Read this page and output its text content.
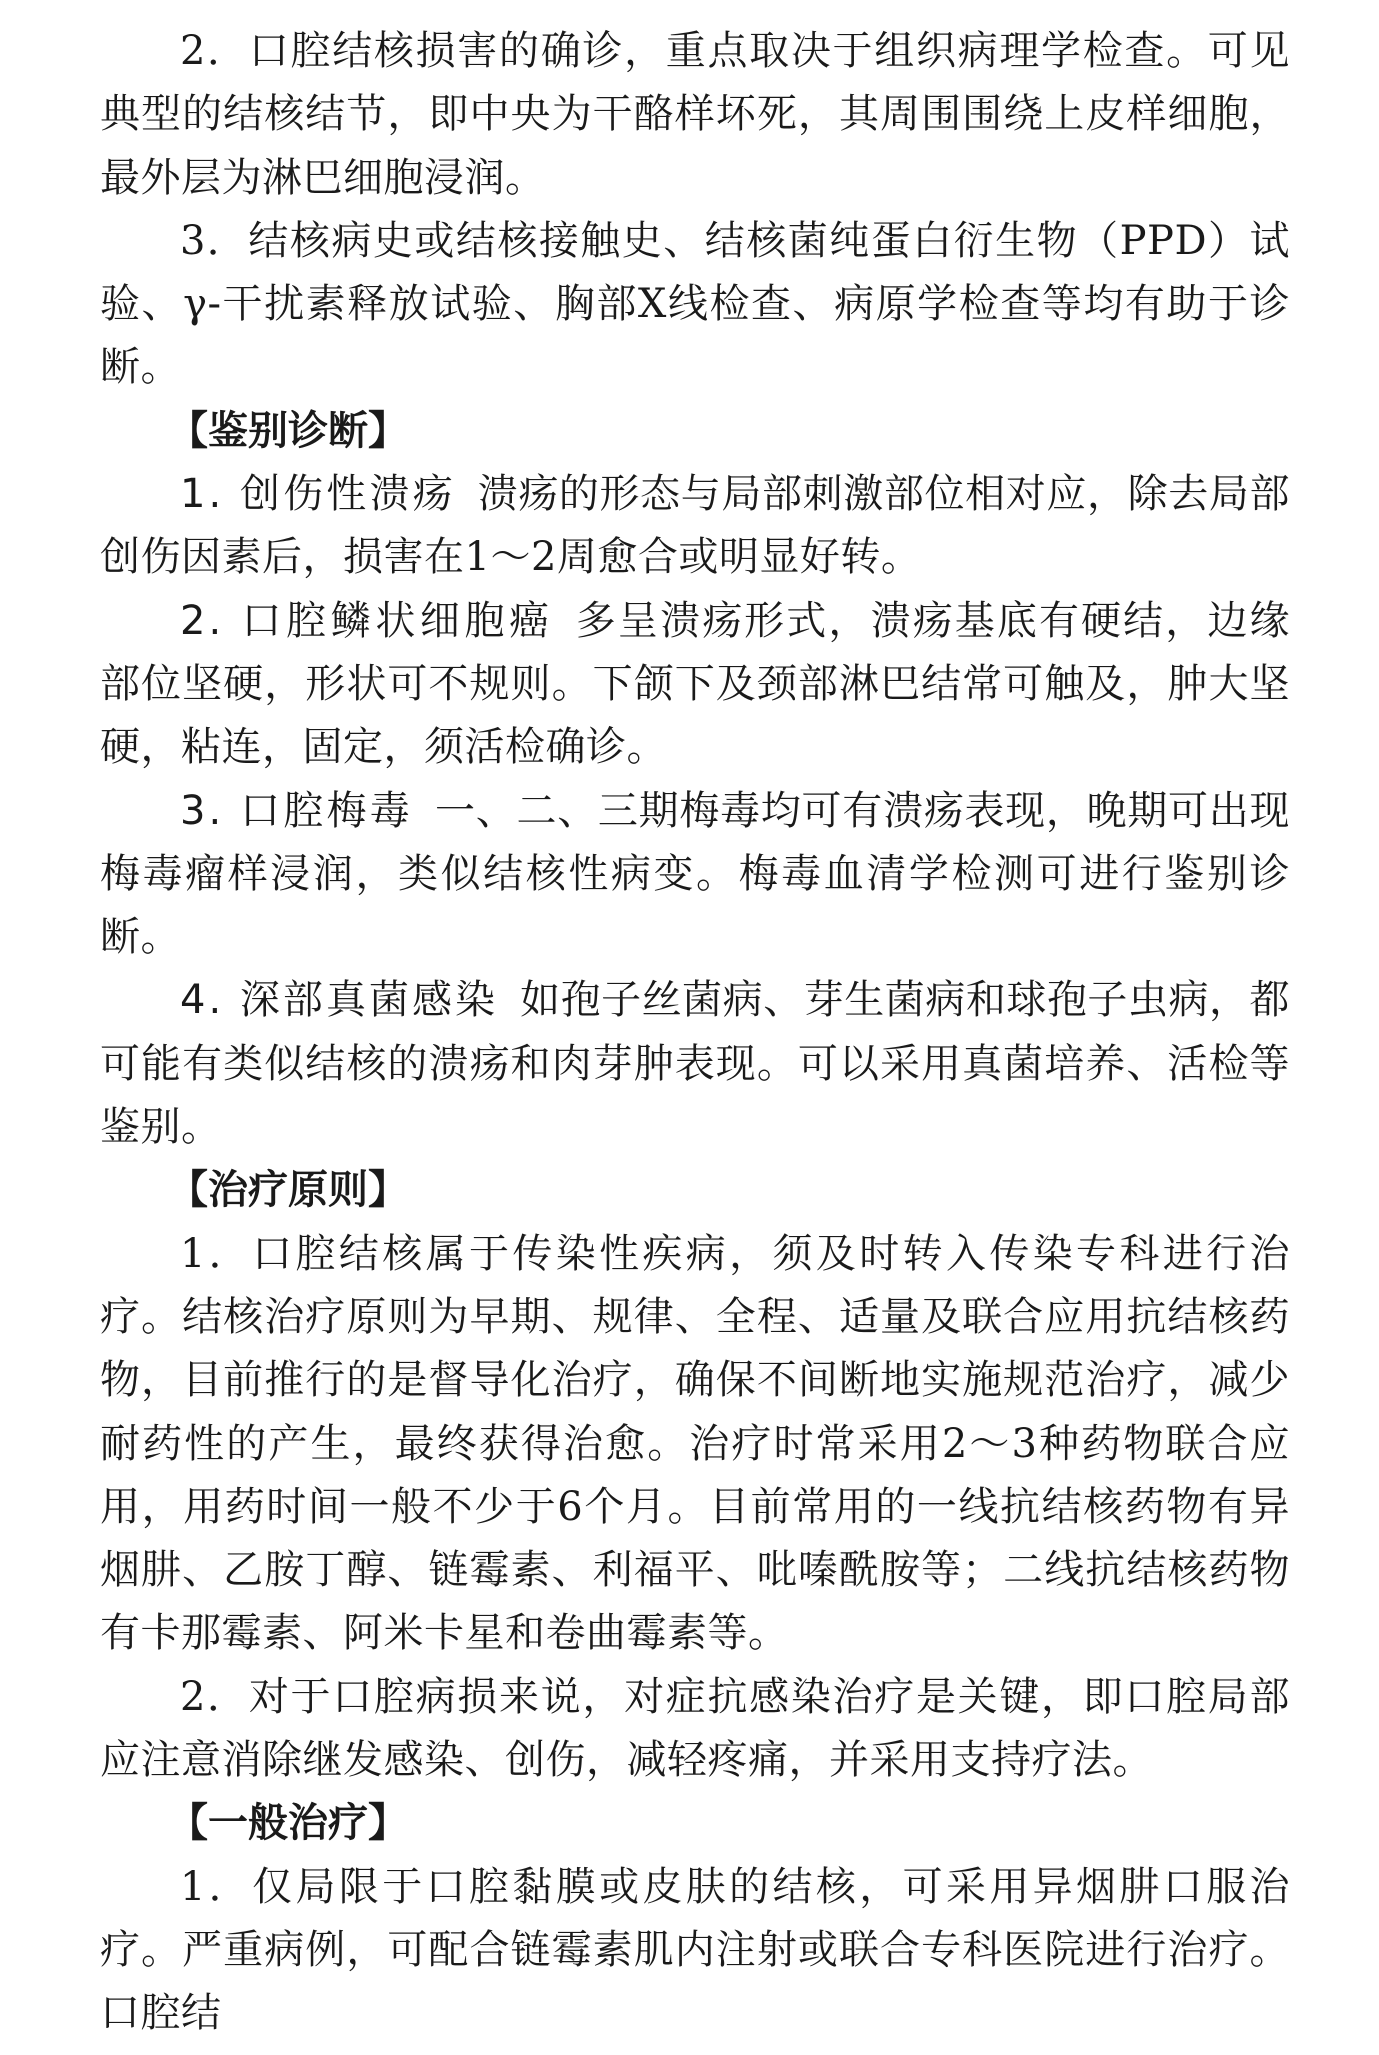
2．口腔结核损害的确诊，重点取决于组织病理学检查。可见典型的结核结节，即中央为干酪样坏死，其周围围绕上皮样细胞，最外层为淋巴细胞浸润。

3．结核病史或结核接触史、结核菌纯蛋白衍生物（PPD）试验、γ-干扰素释放试验、胸部X线检查、病原学检查等均有助于诊断。

【鉴别诊断】

1. 创伤性溃疡 溃疡的形态与局部刺激部位相对应，除去局部创伤因素后，损害在1～2周愈合或明显好转。

2. 口腔鳞状细胞癌 多呈溃疡形式，溃疡基底有硬结，边缘部位坚硬，形状可不规则。下颌下及颈部淋巴结常可触及，肿大坚硬，粘连，固定，须活检确诊。

3. 口腔梅毒 一、二、三期梅毒均可有溃疡表现，晚期可出现梅毒瘤样浸润，类似结核性病变。梅毒血清学检测可进行鉴别诊断。

4. 深部真菌感染 如孢子丝菌病、芽生菌病和球孢子虫病，都可能有类似结核的溃疡和肉芽肿表现。可以采用真菌培养、活检等鉴别。

【治疗原则】

1．口腔结核属于传染性疾病，须及时转入传染专科进行治疗。结核治疗原则为早期、规律、全程、适量及联合应用抗结核药物，目前推行的是督导化治疗，确保不间断地实施规范治疗，减少耐药性的产生，最终获得治愈。治疗时常采用2～3种药物联合应用，用药时间一般不少于6个月。目前常用的一线抗结核药物有异烟肼、乙胺丁醇、链霉素、利福平、吡嗪酰胺等；二线抗结核药物有卡那霉素、阿米卡星和卷曲霉素等。

2．对于口腔病损来说，对症抗感染治疗是关键，即口腔局部应注意消除继发感染、创伤，减轻疼痛，并采用支持疗法。

【一般治疗】

1．仅局限于口腔黏膜或皮肤的结核，可采用异烟肼口服治疗。严重病例，可配合链霉素肌内注射或联合专科医院进行治疗。口腔结
